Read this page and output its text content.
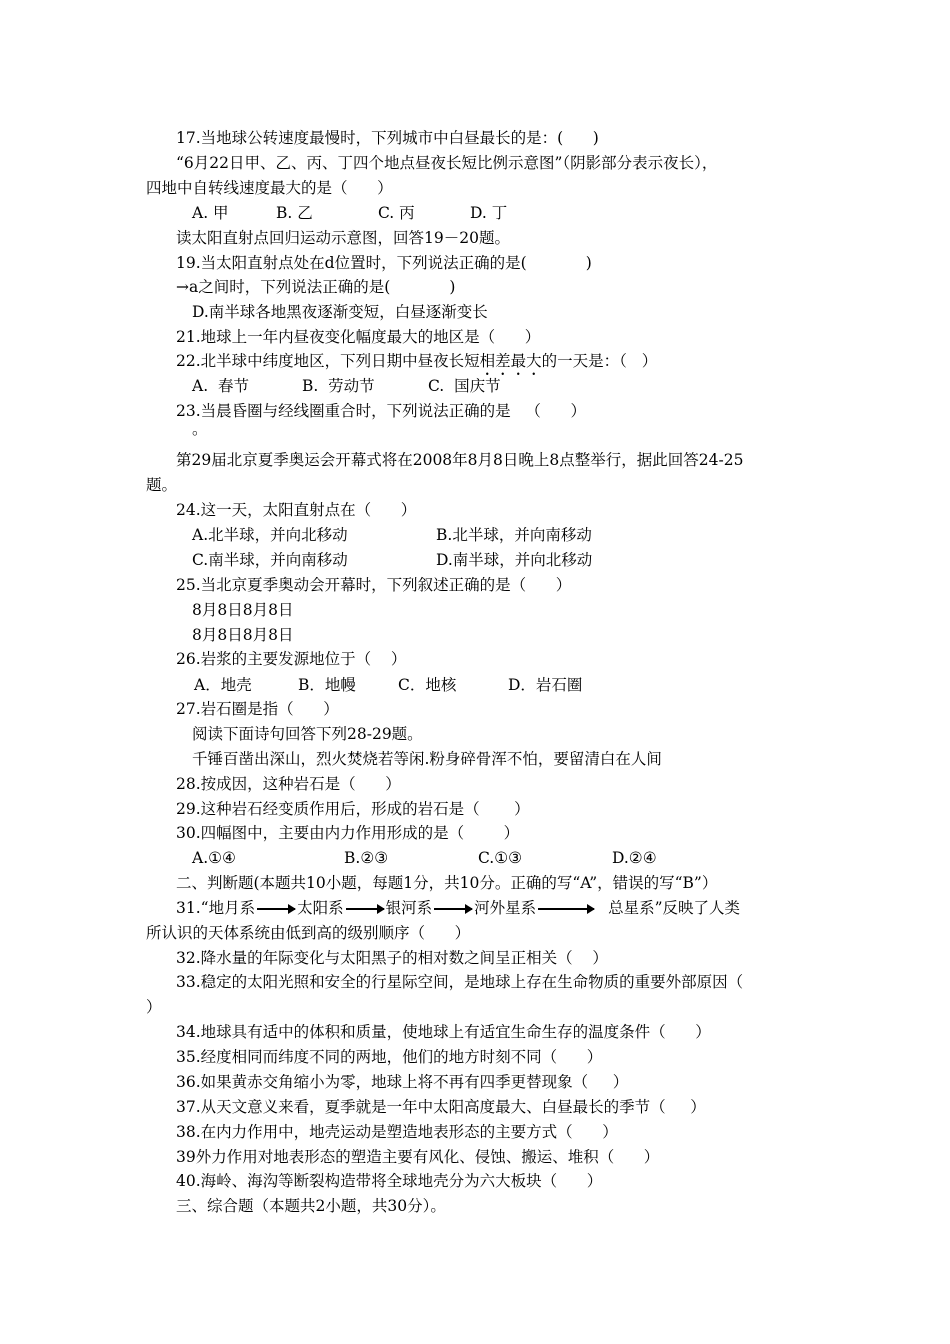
17.当地球公转速度最慢时，下列城市中白昼最长的是：(      )
“6月22日甲、乙、丙、丁四个地点昼夜长短比例示意图”（阴影部分表示夜长），
四地中自转线速度最大的是（      ）
A. 甲	B. 乙	C. 丙	D. 丁
读太阳直射点回归运动示意图，回答19－20题。
19.当太阳直射点处在d位置时，下列说法正确的是(            )
→a之间时，下列说法正确的是(            )
D.南半球各地黑夜逐渐变短，白昼逐渐变长
21.地球上一年内昼夜变化幅度最大的地区是（      ）
22.北半球中纬度地区，下列日期中昼夜长短相差最大的一天是：（   ）
A.  春节	B.  劳动节	C.  国庆节
23.当晨昏圈与经线圈重合时，下列说法正确的是   （      ）
。
第29届北京夏季奥运会开幕式将在2008年8月8日晚上8点整举行，据此回答24-25
题。
24.这一天，太阳直射点在（      ）
A.北半球，并向北移动	B.北半球，并向南移动
C.南半球，并向南移动	D.南半球，并向北移动
25.当北京夏季奥动会开幕时，下列叙述正确的是（      ）
8月8日8月8日
8月8日8月8日
26.岩浆的主要发源地位于（    ）
A．地壳	B．地幔	C．地核	D．岩石圈
27.岩石圈是指（      ）
阅读下面诗句回答下列28-29题。
千锤百凿出深山，烈火焚烧若等闲.粉身碎骨浑不怕，要留清白在人间
28.按成因，这种岩石是（      ）
29.这种岩石经变质作用后，形成的岩石是（       ）
30.四幅图中，主要由内力作用形成的是（        ）
A.①④	B.②③	C.①③	D.②④
二、判断题(本题共10小题，每题1分，共10分。正确的写“A”，错误的写“B”）
31.“地月系	太阳系	银河系	河外星系	总星系”反映了人类
所认识的天体系统由低到高的级别顺序（      ）
32.降水量的年际变化与太阳黑子的相对数之间呈正相关（    ）
33.稳定的太阳光照和安全的行星际空间，是地球上存在生命物质的重要外部原因（
）
34.地球具有适中的体积和质量，使地球上有适宜生命生存的温度条件（      ）
35.经度相同而纬度不同的两地，他们的地方时刻不同（      ）
36.如果黄赤交角缩小为零，地球上将不再有四季更替现象（     ）
37.从天文意义来看，夏季就是一年中太阳高度最大、白昼最长的季节（     ）
38.在内力作用中，地壳运动是塑造地表形态的主要方式（      ）
39外力作用对地表形态的塑造主要有风化、侵蚀、搬运、堆积（      ）
40.海岭、海沟等断裂构造带将全球地壳分为六大板块（      ）
三、综合题（本题共2小题，共30分）。
